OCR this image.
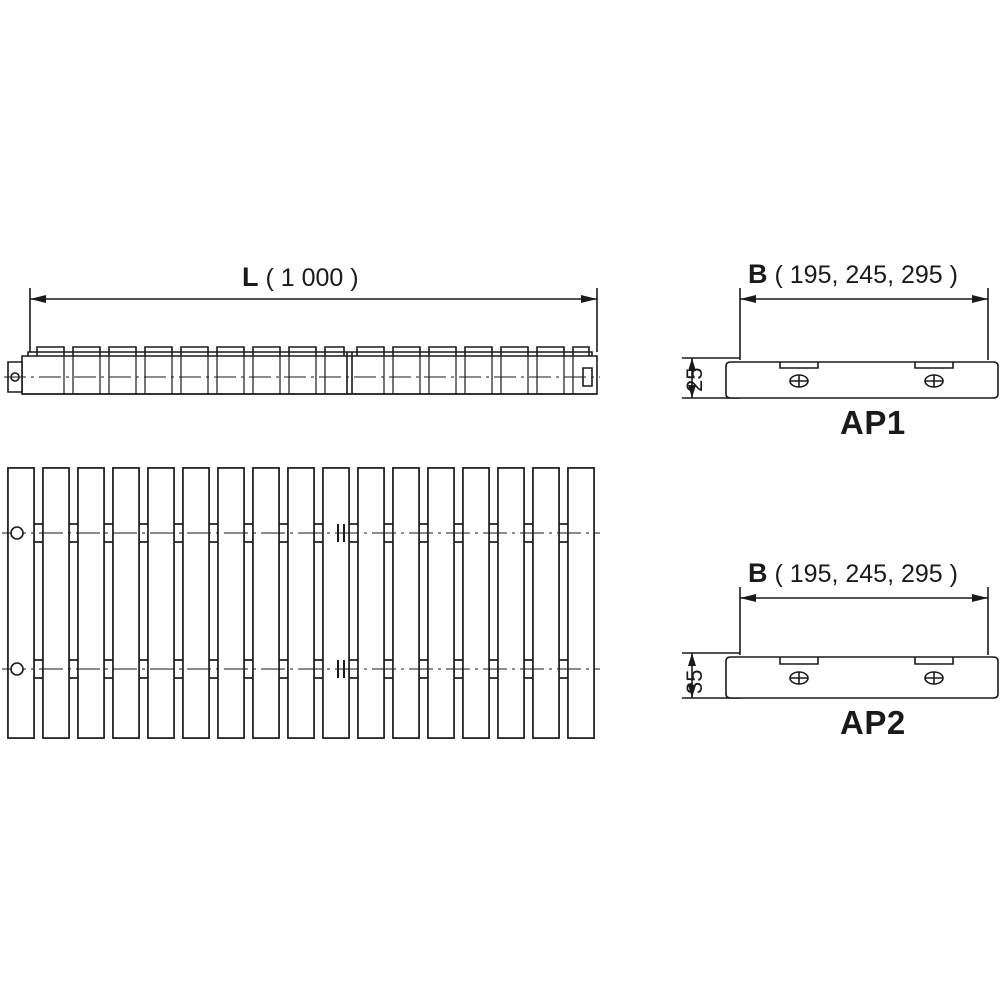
L ( 1 000 )	B ( 195, 245, 295 )
25
AP1
B ( 195, 245, 295 )
35
AP2
